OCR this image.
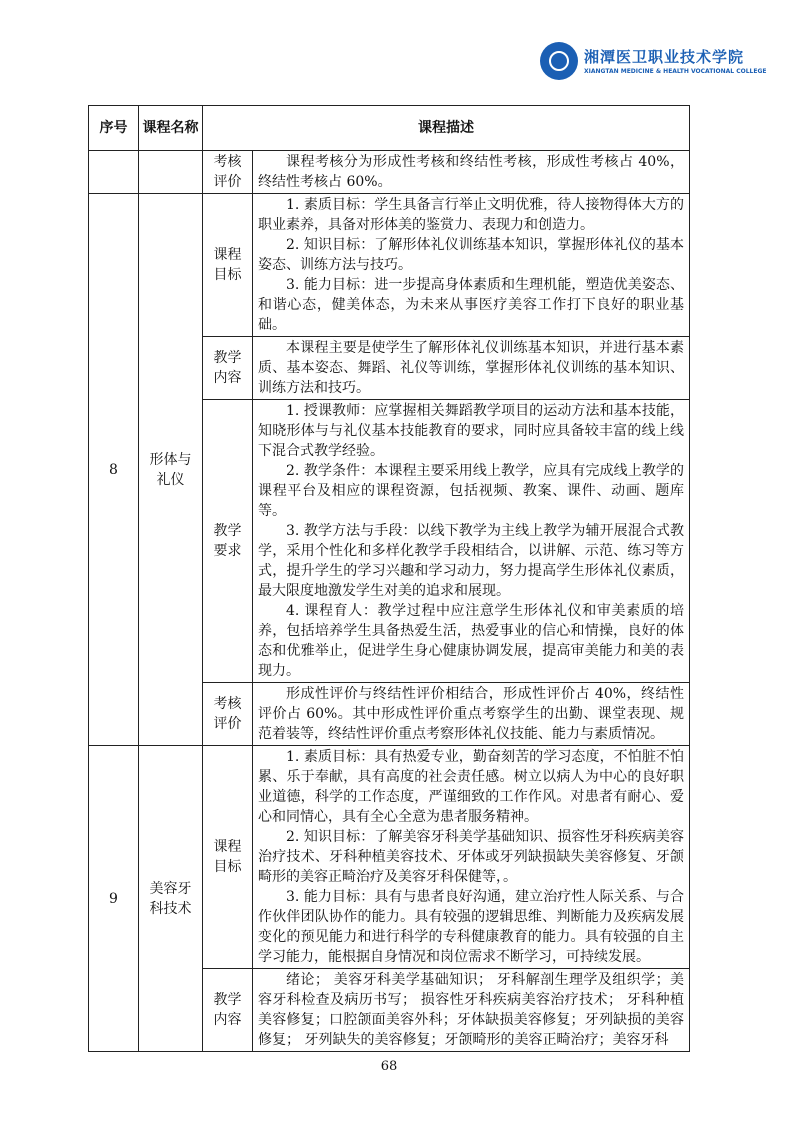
湘潭医卫职业技术学院
XIANGTAN MEDICINE & HEALTH VOCATIONAL COLLEGE
序号	课程名称	课程描述	
		考核评价	课程考核分为形成性考核和终结性考核，形成性考核占 40%，终结性考核占 60%。

8	形体与礼仪	课程目标	1. 素质目标：学生具备言行举止文明优雅，待人接物得体大方的职业素养，具备对形体美的鉴赏力、表现力和创造力。

2. 知识目标：了解形体礼仪训练基本知识，掌握形体礼仪的基本姿态、训练方法与技巧。

3. 能力目标：进一步提高身体素质和生理机能，塑造优美姿态、和谐心态，健美体态，为未来从事医疗美容工作打下良好的职业基础。

		教学内容	本课程主要是使学生了解形体礼仪训练基本知识，并进行基本素质、基本姿态、舞蹈、礼仪等训练，掌握形体礼仪训练的基本知识、训练方法和技巧。

		教学要求	1. 授课教师：应掌握相关舞蹈教学项目的运动方法和基本技能，知晓形体与与礼仪基本技能教育的要求，同时应具备较丰富的线上线下混合式教学经验。

2. 教学条件：本课程主要采用线上教学，应具有完成线上教学的课程平台及相应的课程资源，包括视频、教案、课件、动画、题库等。

3. 教学方法与手段：以线下教学为主线上教学为辅开展混合式教学，采用个性化和多样化教学手段相结合，以讲解、示范、练习等方式，提升学生的学习兴趣和学习动力，努力提高学生形体礼仪素质，最大限度地激发学生对美的追求和展现。

4. 课程育人：教学过程中应注意学生形体礼仪和审美素质的培养，包括培养学生具备热爱生活，热爱事业的信心和情操，良好的体态和优雅举止，促进学生身心健康协调发展，提高审美能力和美的表现力。

		考核评价	形成性评价与终结性评价相结合，形成性评价占 40%，终结性评价占 60%。其中形成性评价重点考察学生的出勤、课堂表现、规范着装等，终结性评价重点考察形体礼仪技能、能力与素质情况。

9	美容牙科技术	课程目标	1. 素质目标：具有热爱专业，勤奋刻苦的学习态度，不怕脏不怕累、乐于奉献，具有高度的社会责任感。树立以病人为中心的良好职业道德，科学的工作态度，严谨细致的工作作风。对患者有耐心、爱心和同情心，具有全心全意为患者服务精神。

2. 知识目标：了解美容牙科美学基础知识、损容性牙科疾病美容治疗技术、牙科种植美容技术、牙体或牙列缺损缺失美容修复、牙颌畸形的美容正畸治疗及美容牙科保健等，。

3. 能力目标：具有与患者良好沟通，建立治疗性人际关系、与合作伙伴团队协作的能力。具有较强的逻辑思维、判断能力及疾病发展变化的预见能力和进行科学的专科健康教育的能力。具有较强的自主学习能力，能根据自身情况和岗位需求不断学习，可持续发展。

		教学内容	绪论； 美容牙科美学基础知识； 牙科解剖生理学及组织学；美容牙科检查及病历书写； 损容性牙科疾病美容治疗技术； 牙科种植美容修复；口腔颌面美容外科；牙体缺损美容修复；牙列缺损的美容修复； 牙列缺失的美容修复；牙颌畸形的美容正畸治疗；美容牙科

68
